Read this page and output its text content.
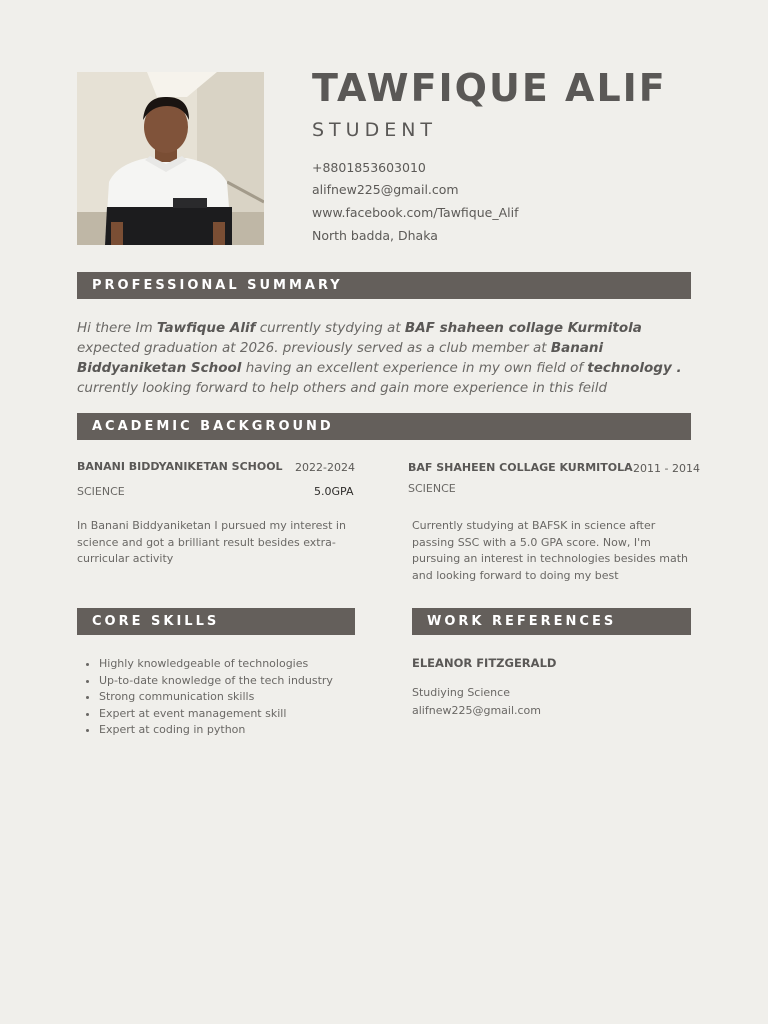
TAWFIQUE ALIF
STUDENT
+8801853603010
alifnew225@gmail.com
www.facebook.com/Tawfique_Alif
North badda, Dhaka
PROFESSIONAL SUMMARY
Hi there Im Tawfique Alif currently stydying at BAF shaheen collage Kurmitola expected graduation at 2026. previously served as a club member at Banani Biddyaniketan School having an excellent experience in my own field of technology . currently looking forward to help others and gain more experience in this feild
ACADEMIC BACKGROUND
BANANI BIDDYANIKETAN SCHOOL 2022-2024
SCIENCE	5.0GPA
In Banani Biddyaniketan I pursued my interest in science and got a brilliant result besides extra-curricular activity
BAF SHAHEEN COLLAGE KURMITOLA 2011 - 2014
SCIENCE
Currently studying at BAFSK in science after passing SSC with a 5.0 GPA score. Now, I'm pursuing an interest in technologies besides math and looking forward to doing my best
CORE SKILLS
• Highly knowledgeable of technologies
• Up-to-date knowledge of the tech industry
• Strong communication skills
• Expert at event management skill
• Expert at coding in python
WORK REFERENCES
ELEANOR FITZGERALD
Studiying Science
alifnew225@gmail.com
